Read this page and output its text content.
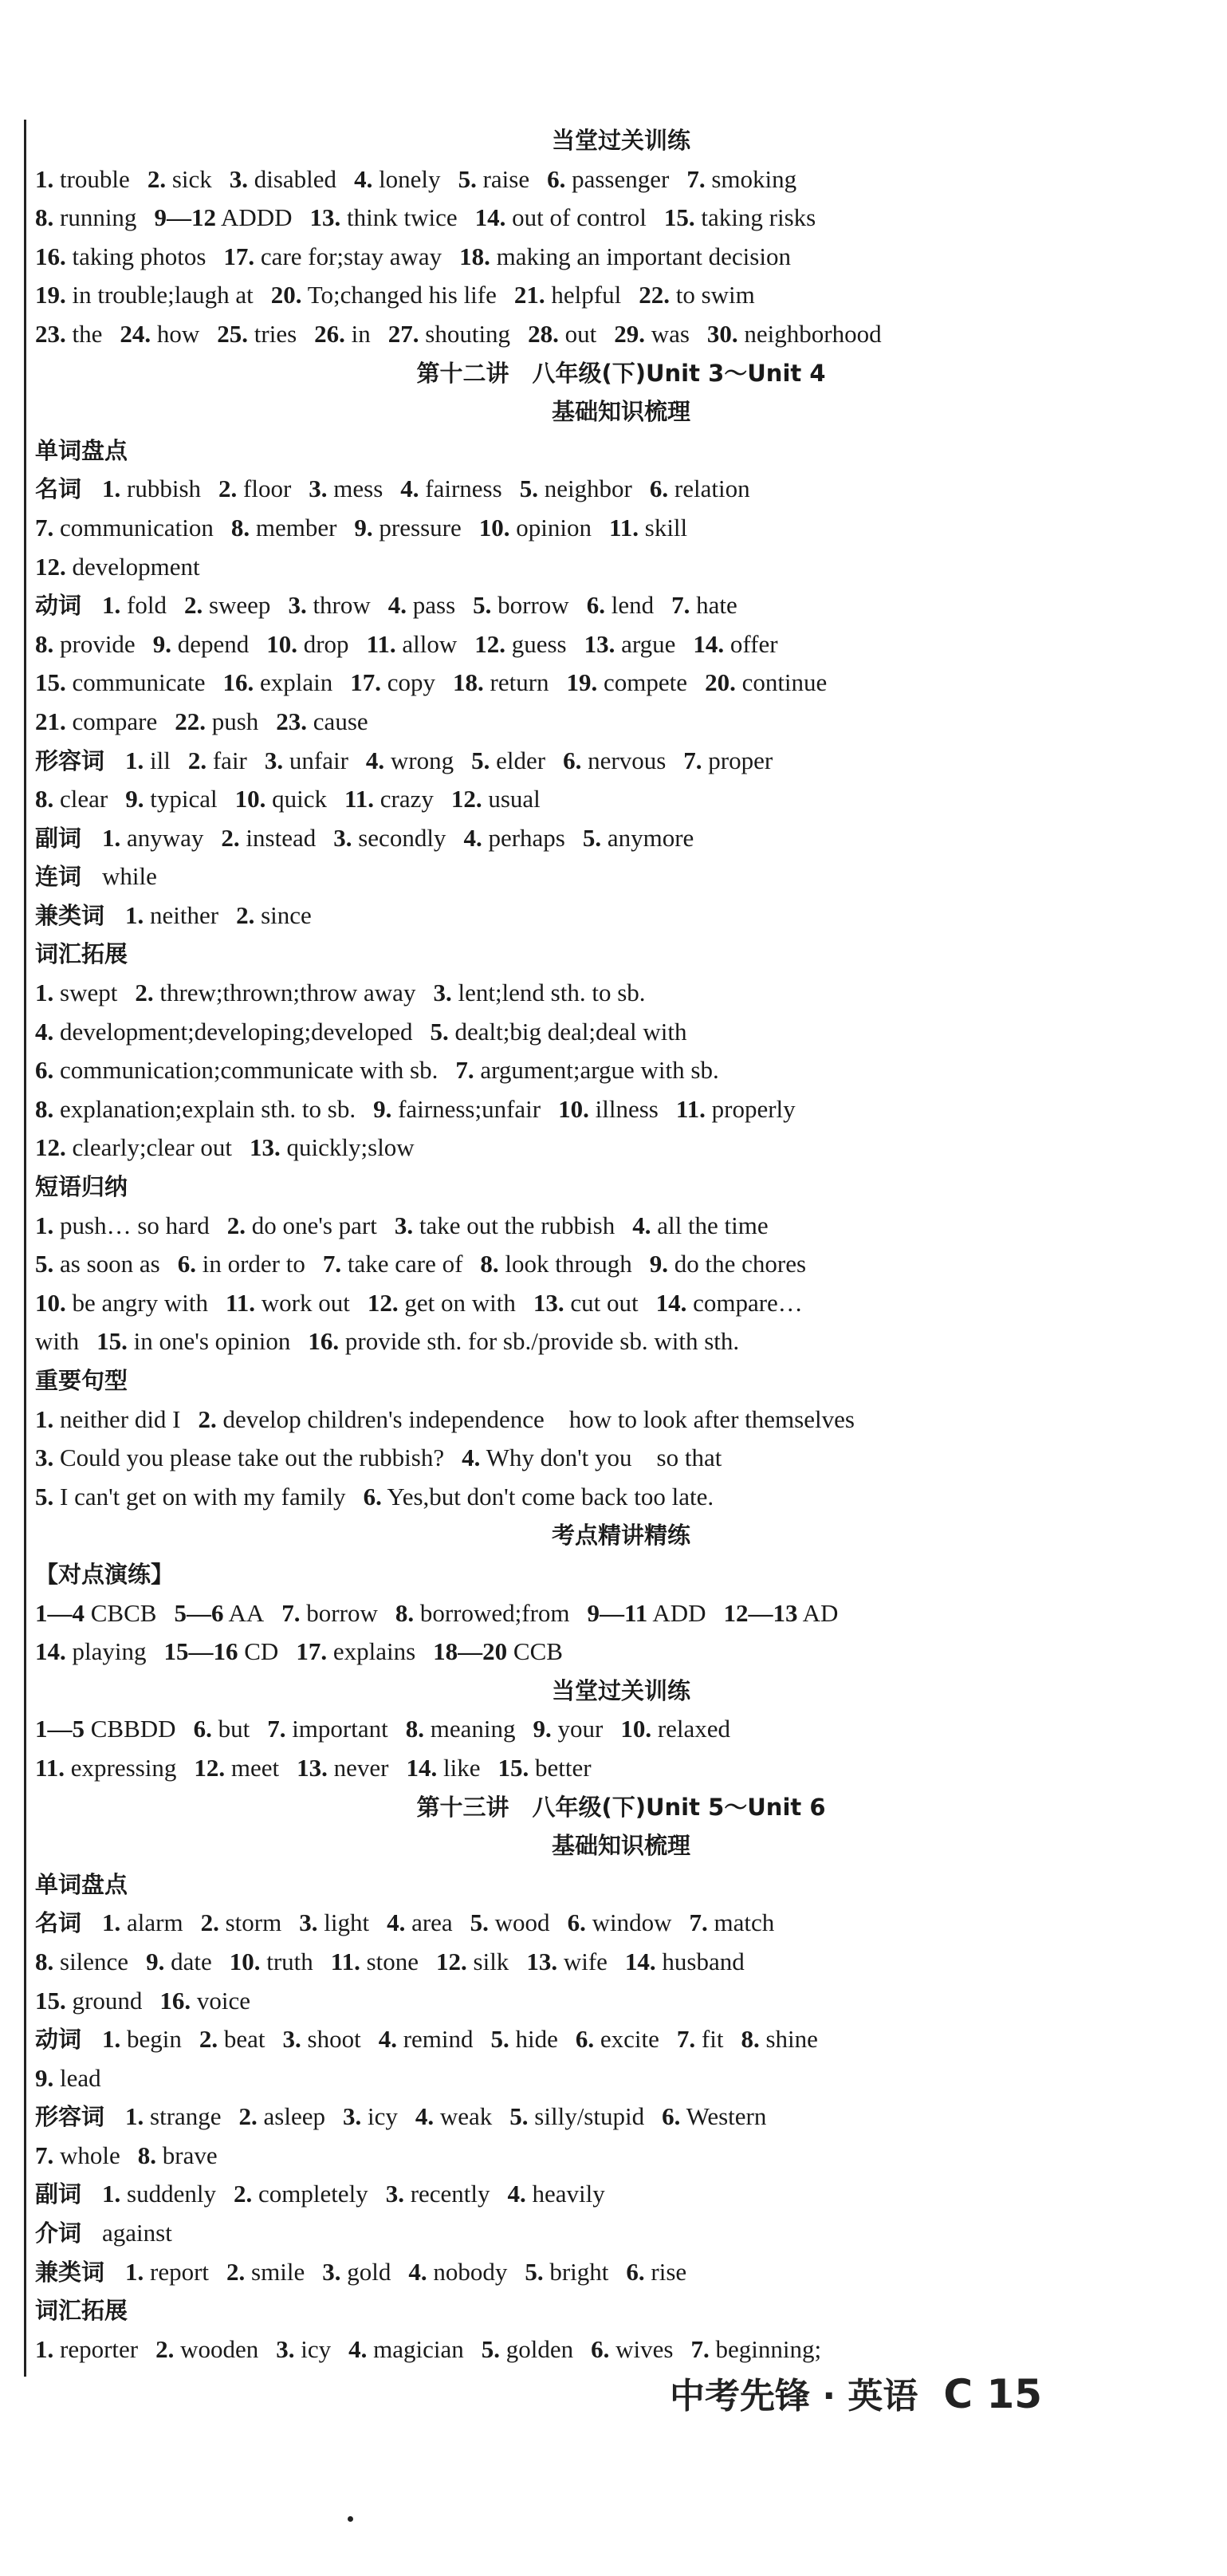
当堂过关训练
1. trouble 2. sick 3. disabled 4. lonely 5. raise 6. passenger 7. smoking
8. running 9—12 ADDD 13. think twice 14. out of control 15. taking risks
16. taking photos 17. care for;stay away 18. making an important decision
19. in trouble;laugh at 20. To;changed his life 21. helpful 22. to swim
23. the 24. how 25. tries 26. in 27. shouting 28. out 29. was 30. neighborhood
第十二讲　八年级(下)Unit 3～Unit 4
基础知识梳理
单词盘点
名词 1. rubbish 2. floor 3. mess 4. fairness 5. neighbor 6. relation
7. communication 8. member 9. pressure 10. opinion 11. skill
12. development
动词 1. fold 2. sweep 3. throw 4. pass 5. borrow 6. lend 7. hate
8. provide 9. depend 10. drop 11. allow 12. guess 13. argue 14. offer
15. communicate 16. explain 17. copy 18. return 19. compete 20. continue
21. compare 22. push 23. cause
形容词 1. ill 2. fair 3. unfair 4. wrong 5. elder 6. nervous 7. proper
8. clear 9. typical 10. quick 11. crazy 12. usual
副词 1. anyway 2. instead 3. secondly 4. perhaps 5. anymore
连词 while
兼类词 1. neither 2. since
词汇拓展
1. swept 2. threw;thrown;throw away 3. lent;lend sth. to sb.
4. development;developing;developed 5. dealt;big deal;deal with
6. communication;communicate with sb. 7. argument;argue with sb.
8. explanation;explain sth. to sb. 9. fairness;unfair 10. illness 11. properly
12. clearly;clear out 13. quickly;slow
短语归纳
1. push… so hard 2. do one's part 3. take out the rubbish 4. all the time
5. as soon as 6. in order to 7. take care of 8. look through 9. do the chores
10. be angry with 11. work out 12. get on with 13. cut out 14. compare…
with 15. in one's opinion 16. provide sth. for sb./provide sb. with sth.
重要句型
1. neither did I 2. develop children's independence　how to look after themselves
3. Could you please take out the rubbish? 4. Why don't you　so that
5. I can't get on with my family 6. Yes,but don't come back too late.
考点精讲精练
【对点演练】
1—4 CBCB 5—6 AA 7. borrow 8. borrowed;from 9—11 ADD 12—13 AD
14. playing 15—16 CD 17. explains 18—20 CCB
当堂过关训练
1—5 CBBDD 6. but 7. important 8. meaning 9. your 10. relaxed
11. expressing 12. meet 13. never 14. like 15. better
第十三讲　八年级(下)Unit 5～Unit 6
基础知识梳理
单词盘点
名词 1. alarm 2. storm 3. light 4. area 5. wood 6. window 7. match
8. silence 9. date 10. truth 11. stone 12. silk 13. wife 14. husband
15. ground 16. voice
动词 1. begin 2. beat 3. shoot 4. remind 5. hide 6. excite 7. fit 8. shine
9. lead
形容词 1. strange 2. asleep 3. icy 4. weak 5. silly/stupid 6. Western
7. whole 8. brave
副词 1. suddenly 2. completely 3. recently 4. heavily
介词 against
兼类词 1. report 2. smile 3. gold 4. nobody 5. bright 6. rise
词汇拓展
1. reporter 2. wooden 3. icy 4. magician 5. golden 6. wives 7. beginning;
中考先锋 · 英语 C 15
